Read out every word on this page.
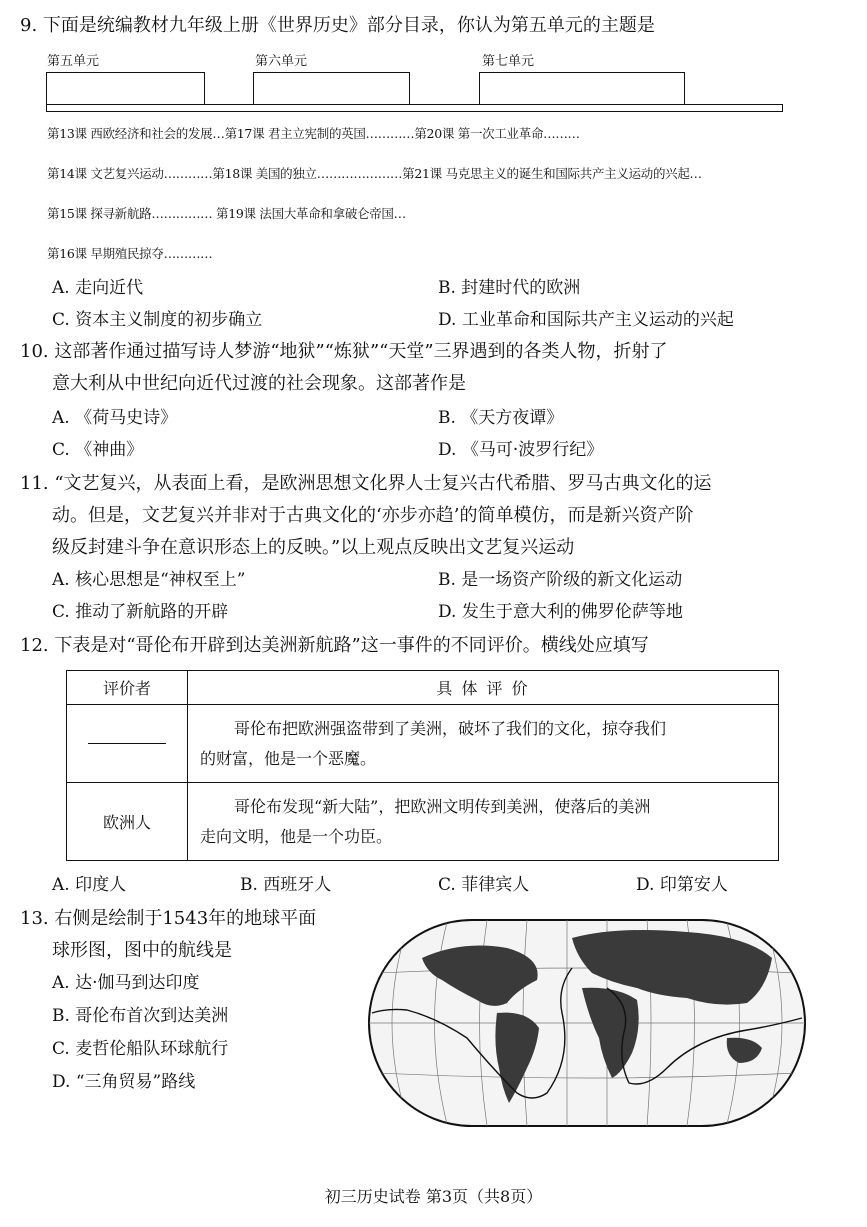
9. 下面是统编教材九年级上册《世界历史》部分目录，你认为第五单元的主题是
第五单元	第六单元	第七单元
第13课 西欧经济和社会的发展…第17课 君主立宪制的英国…………第20课 第一次工业革命………
第14课 文艺复兴运动…………第18课 美国的独立…………………第21课 马克思主义的诞生和国际共产主义运动的兴起…
第15课 探寻新航路…………… 第19课 法国大革命和拿破仑帝国…
第16课 早期殖民掠夺…………
A. 走向近代	B. 封建时代的欧洲
C. 资本主义制度的初步确立	D. 工业革命和国际共产主义运动的兴起
10. 这部著作通过描写诗人梦游“地狱”“炼狱”“天堂”三界遇到的各类人物，折射了
意大利从中世纪向近代过渡的社会现象。这部著作是
A. 《荷马史诗》	B. 《天方夜谭》
C. 《神曲》	D. 《马可·波罗行纪》
11. “文艺复兴，从表面上看，是欧洲思想文化界人士复兴古代希腊、罗马古典文化的运
动。但是，文艺复兴并非对于古典文化的‘亦步亦趋’的简单模仿，而是新兴资产阶
级反封建斗争在意识形态上的反映。”以上观点反映出文艺复兴运动
A. 核心思想是“神权至上”	B. 是一场资产阶级的新文化运动
C. 推动了新航路的开辟	D. 发生于意大利的佛罗伦萨等地
12. 下表是对“哥伦布开辟到达美洲新航路”这一事件的不同评价。横线处应填写
评价者	具 体 评 价

	哥伦布把欧洲强盗带到了美洲，破坏了我们的文化，掠夺我们
的财富，他是一个恶魔。

欧洲人	哥伦布发现“新大陆”，把欧洲文明传到美洲，使落后的美洲
走向文明，他是一个功臣。
A. 印度人	B. 西班牙人	C. 菲律宾人	D. 印第安人
13. 右侧是绘制于1543年的地球平面
球形图，图中的航线是
A. 达·伽马到达印度
B. 哥伦布首次到达美洲
C. 麦哲伦船队环球航行
D. “三角贸易”路线
初三历史试卷 第3页（共8页）
